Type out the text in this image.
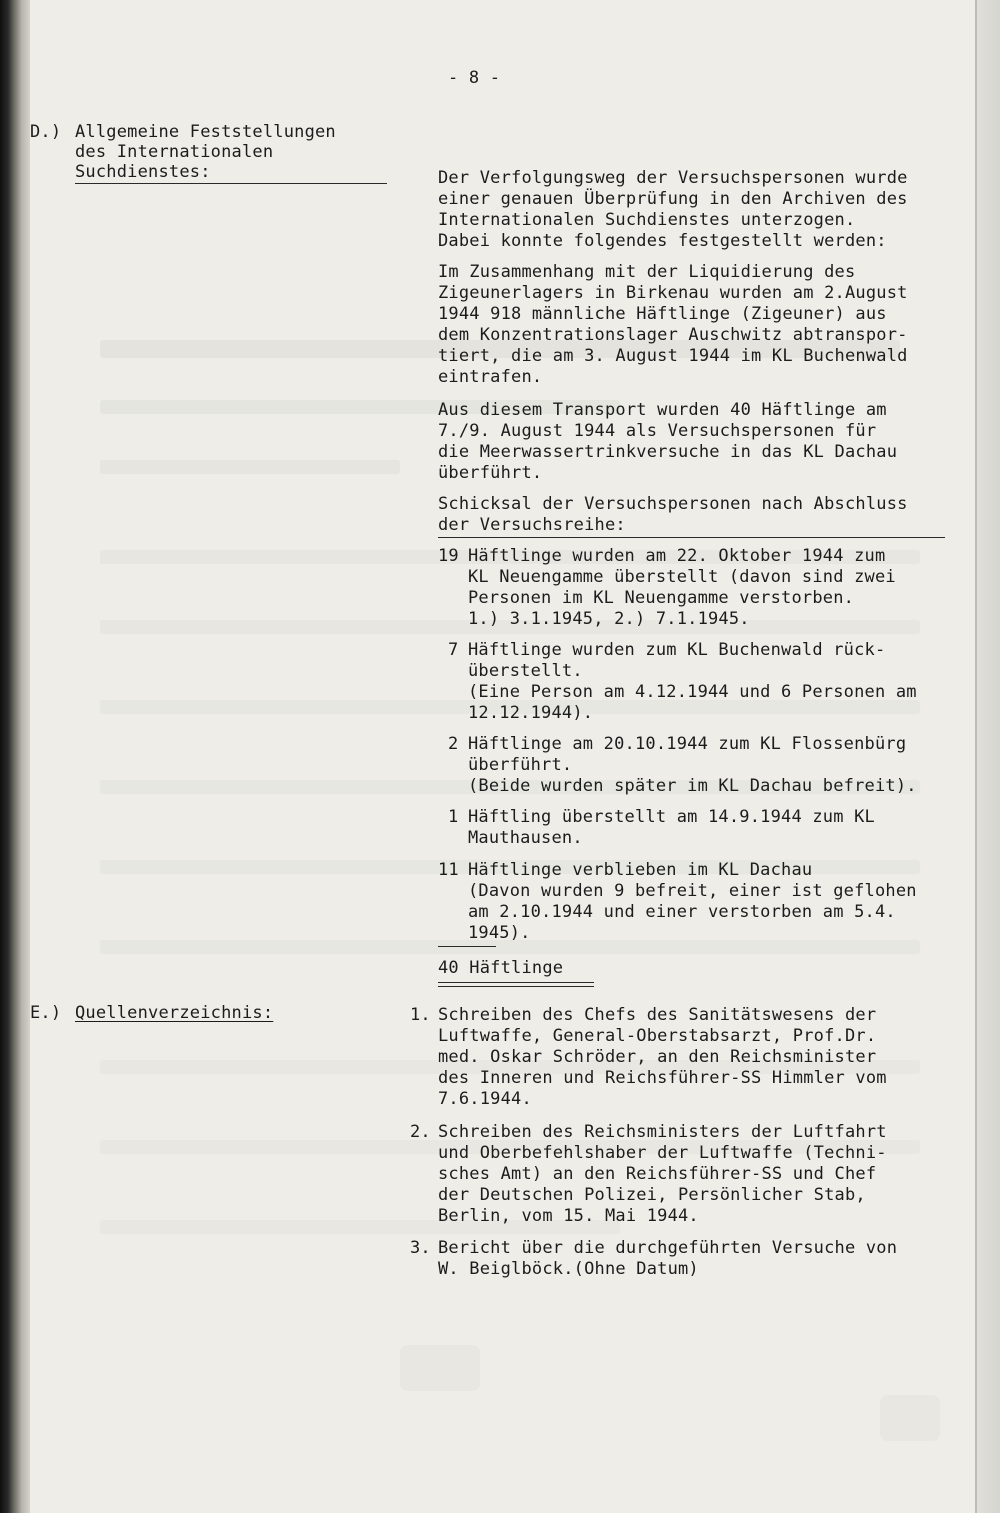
- 8 -
D.) Allgemeine Feststellungen
des Internationalen
Suchdienstes:	Der Verfolgungsweg der Versuchspersonen wurde
einer genauen Überprüfung in den Archiven des
Internationalen Suchdienstes unterzogen.
Dabei konnte folgendes festgestellt werden:
Im Zusammenhang mit der Liquidierung des
Zigeunerlagers in Birkenau wurden am 2.August
1944 918 männliche Häftlinge (Zigeuner) aus
dem Konzentrationslager Auschwitz abtranspor-
tiert, die am 3. August 1944 im KL Buchenwald
eintrafen.
Aus diesem Transport wurden 40 Häftlinge am
7./9. August 1944 als Versuchspersonen für
die Meerwassertrinkversuche in das KL Dachau
überführt.
Schicksal der Versuchspersonen nach Abschluss
der Versuchsreihe:
19 Häftlinge wurden am 22. Oktober 1944 zum
KL Neuengamme überstellt (davon sind zwei
Personen im KL Neuengamme verstorben.
1.) 3.1.1945, 2.) 7.1.1945.
7 Häftlinge wurden zum KL Buchenwald rück-
überstellt.
(Eine Person am 4.12.1944 und 6 Personen am
12.12.1944).
2 Häftlinge am 20.10.1944 zum KL Flossenbürg
überführt.
(Beide wurden später im KL Dachau befreit).
1 Häftling überstellt am 14.9.1944 zum KL
Mauthausen.
11 Häftlinge verblieben im KL Dachau
(Davon wurden 9 befreit, einer ist geflohen
am 2.10.1944 und einer verstorben am 5.4.
1945).
40 Häftlinge
E.) Quellenverzeichnis:	1. Schreiben des Chefs des Sanitätswesens der
Luftwaffe, General-Oberstabsarzt, Prof.Dr.
med. Oskar Schröder, an den Reichsminister
des Inneren und Reichsführer-SS Himmler vom
7.6.1944.
2. Schreiben des Reichsministers der Luftfahrt
und Oberbefehlshaber der Luftwaffe (Techni-
sches Amt) an den Reichsführer-SS und Chef
der Deutschen Polizei, Persönlicher Stab,
Berlin, vom 15. Mai 1944.
3. Bericht über die durchgeführten Versuche von
W. Beiglböck.(Ohne Datum)
